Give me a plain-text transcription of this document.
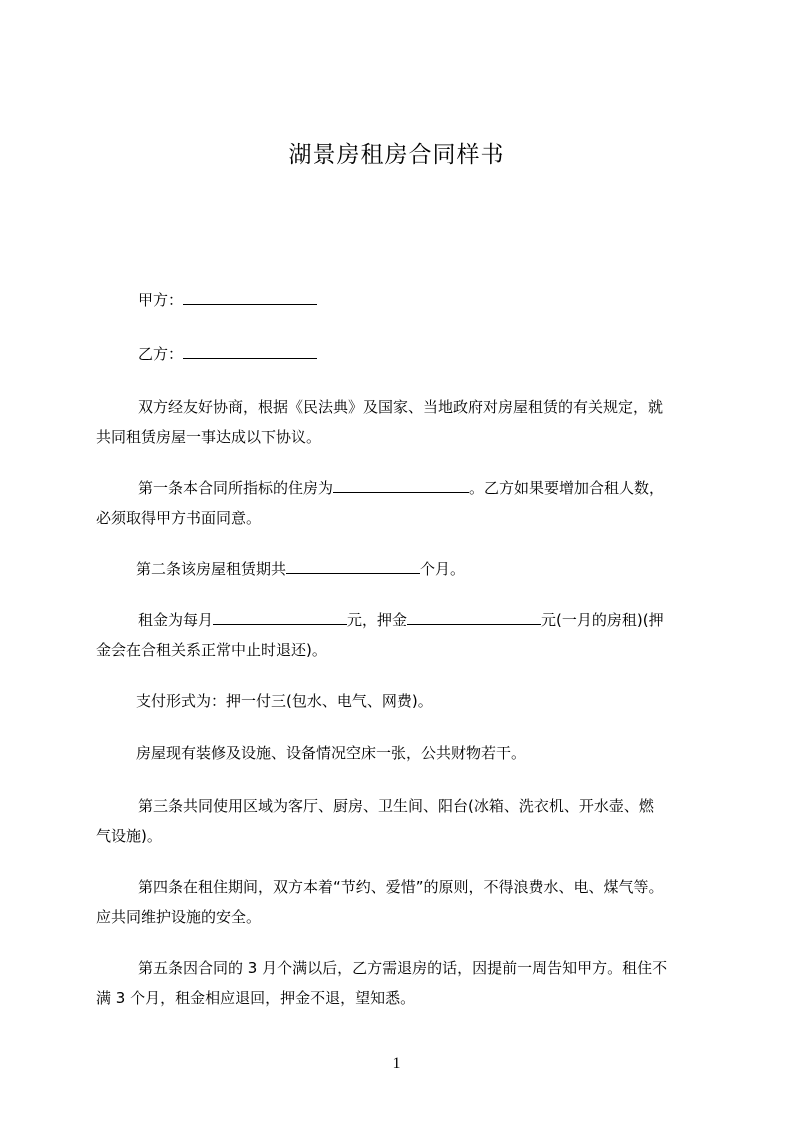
湖景房租房合同样书

甲方：

乙方：

双方经友好协商，根据《民法典》及国家、当地政府对房屋租赁的有关规定，就
共同租赁房屋一事达成以下协议。
第一条本合同所指标的住房为	。乙方如果要增加合租人数，
必须取得甲方书面同意。

第二条该房屋租赁期共	个月。

租金为每月	元，押金	元(一月的房租)(押
金会在合租关系正常中止时退还)。

支付形式为：押一付三(包水、电气、网费)。

房屋现有装修及设施、设备情况空床一张，公共财物若干。

第三条共同使用区域为客厅、厨房、卫生间、阳台(冰箱、洗衣机、开水壶、燃
气设施)。
第四条在租住期间，双方本着“节约、爱惜”的原则，不得浪费水、电、煤气等。
应共同维护设施的安全。
第五条因合同的 3 月个满以后，乙方需退房的话，因提前一周告知甲方。租住不
满 3 个月，租金相应退回，押金不退，望知悉。
1
